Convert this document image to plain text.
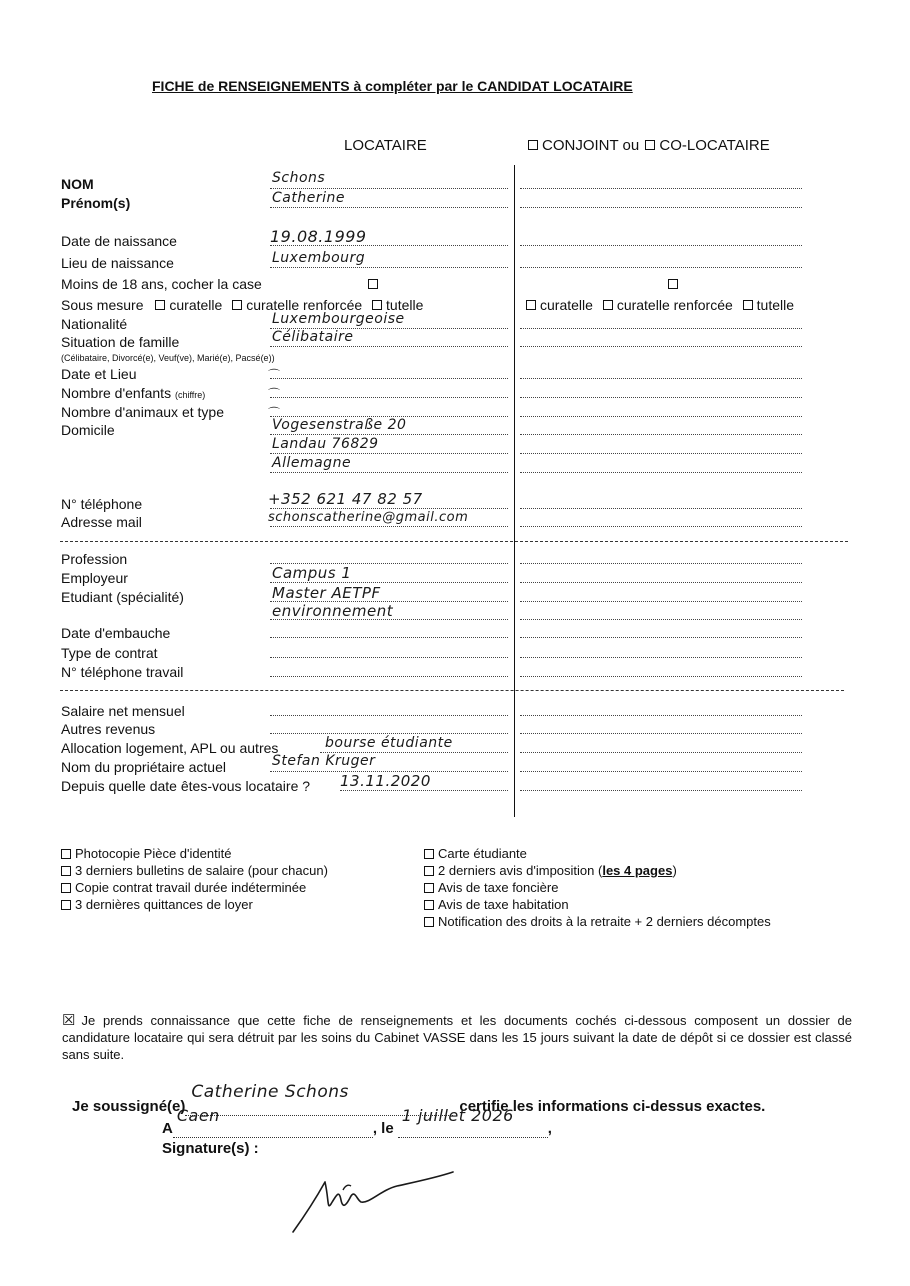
FICHE de RENSEIGNEMENTS à compléter par le CANDIDAT LOCATAIRE
LOCATAIRE	CONJOINT ou CO-LOCATAIRE
NOM
Prénom(s)
Date de naissance
Lieu de naissance
Moins de 18 ans, cocher la case
Sous mesure curatelle curatelle renforcée tutelle	curatelle curatelle renforcée tutelle
Nationalité
Situation de famille
(Célibataire, Divorcé(e), Veuf(ve), Marié(e), Pacsé(e))
Date et Lieu
Nombre d'enfants (chiffre)
Nombre d'animaux et type
Domicile
N° téléphone
Adresse mail
Schons
Catherine
19.08.1999
Luxembourg
Luxembourgeoise
Célibataire
⌒
⌒
⌒
Vogesenstraße 20
Landau 76829
Allemagne
+352 621 47 82 57
schonscatherine@gmail.com
Profession
Employeur
Etudiant (spécialité)
Date d'embauche
Type de contrat
N° téléphone travail
Campus 1
Master AETPF
environnement
Salaire net mensuel
Autres revenus
Allocation logement, APL ou autres
Nom du propriétaire actuel
Depuis quelle date êtes-vous locataire ?
bourse étudiante
Stefan Kruger
13.11.2020
Photocopie Pièce d'identité
3 derniers bulletins de salaire (pour chacun)
Copie contrat travail durée indéterminée
3 dernières quittances de loyer
Carte étudiante
2 derniers avis d'imposition (les 4 pages)
Avis de taxe foncière
Avis de taxe habitation
Notification des droits à la retraite + 2 derniers décomptes
☒ Je prends connaissance que cette fiche de renseignements et les documents cochés ci-dessous composent un dossier de candidature locataire qui sera détruit par les soins du Cabinet VASSE dans les 15 jours suivant la date de dépôt si ce dossier est classé sans suite.
Je soussigné(e)
Catherine Schons
certifie les informations ci-dessus exactes.
A
Caen
, le
1 juillet 2026
,
Signature(s) :
